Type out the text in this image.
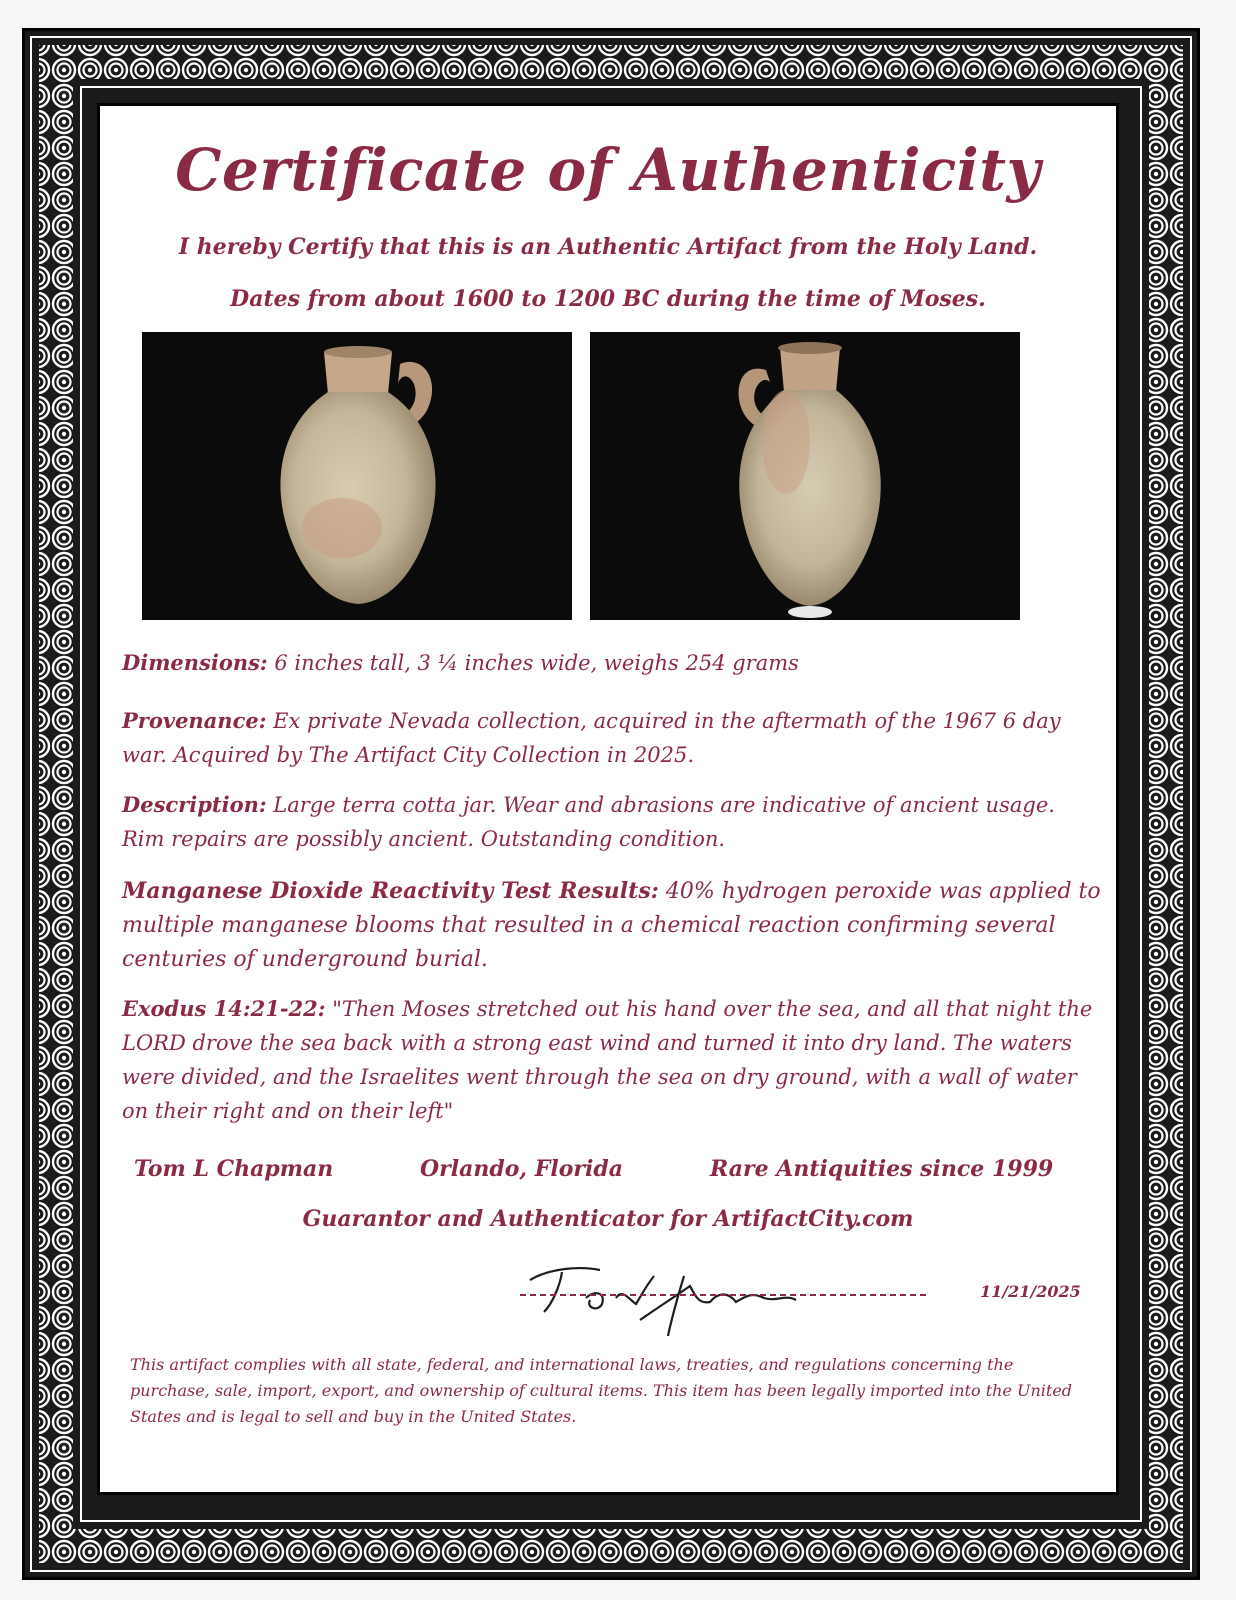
Certificate of Authenticity
I hereby Certify that this is an Authentic Artifact from the Holy Land.
Dates from about 1600 to 1200 BC during the time of Moses.
Dimensions: 6 inches tall, 3 ¼ inches wide, weighs 254 grams
Provenance: Ex private Nevada collection, acquired in the aftermath of the 1967 6 day war. Acquired by The Artifact City Collection in 2025.
Description: Large terra cotta jar. Wear and abrasions are indicative of ancient usage. Rim repairs are possibly ancient. Outstanding condition.
Manganese Dioxide Reactivity Test Results: 40% hydrogen peroxide was applied to multiple manganese blooms that resulted in a chemical reaction confirming several centuries of underground burial.
Exodus 14:21-22: "Then Moses stretched out his hand over the sea, and all that night the LORD drove the sea back with a strong east wind and turned it into dry land. The waters were divided, and the Israelites went through the sea on dry ground, with a wall of water on their right and on their left"
Tom L Chapman	Orlando, Florida	Rare Antiquities since 1999
Guarantor and Authenticator for ArtifactCity.com
11/21/2025
This artifact complies with all state, federal, and international laws, treaties, and regulations concerning the purchase, sale, import, export, and ownership of cultural items. This item has been legally imported into the United States and is legal to sell and buy in the United States.
